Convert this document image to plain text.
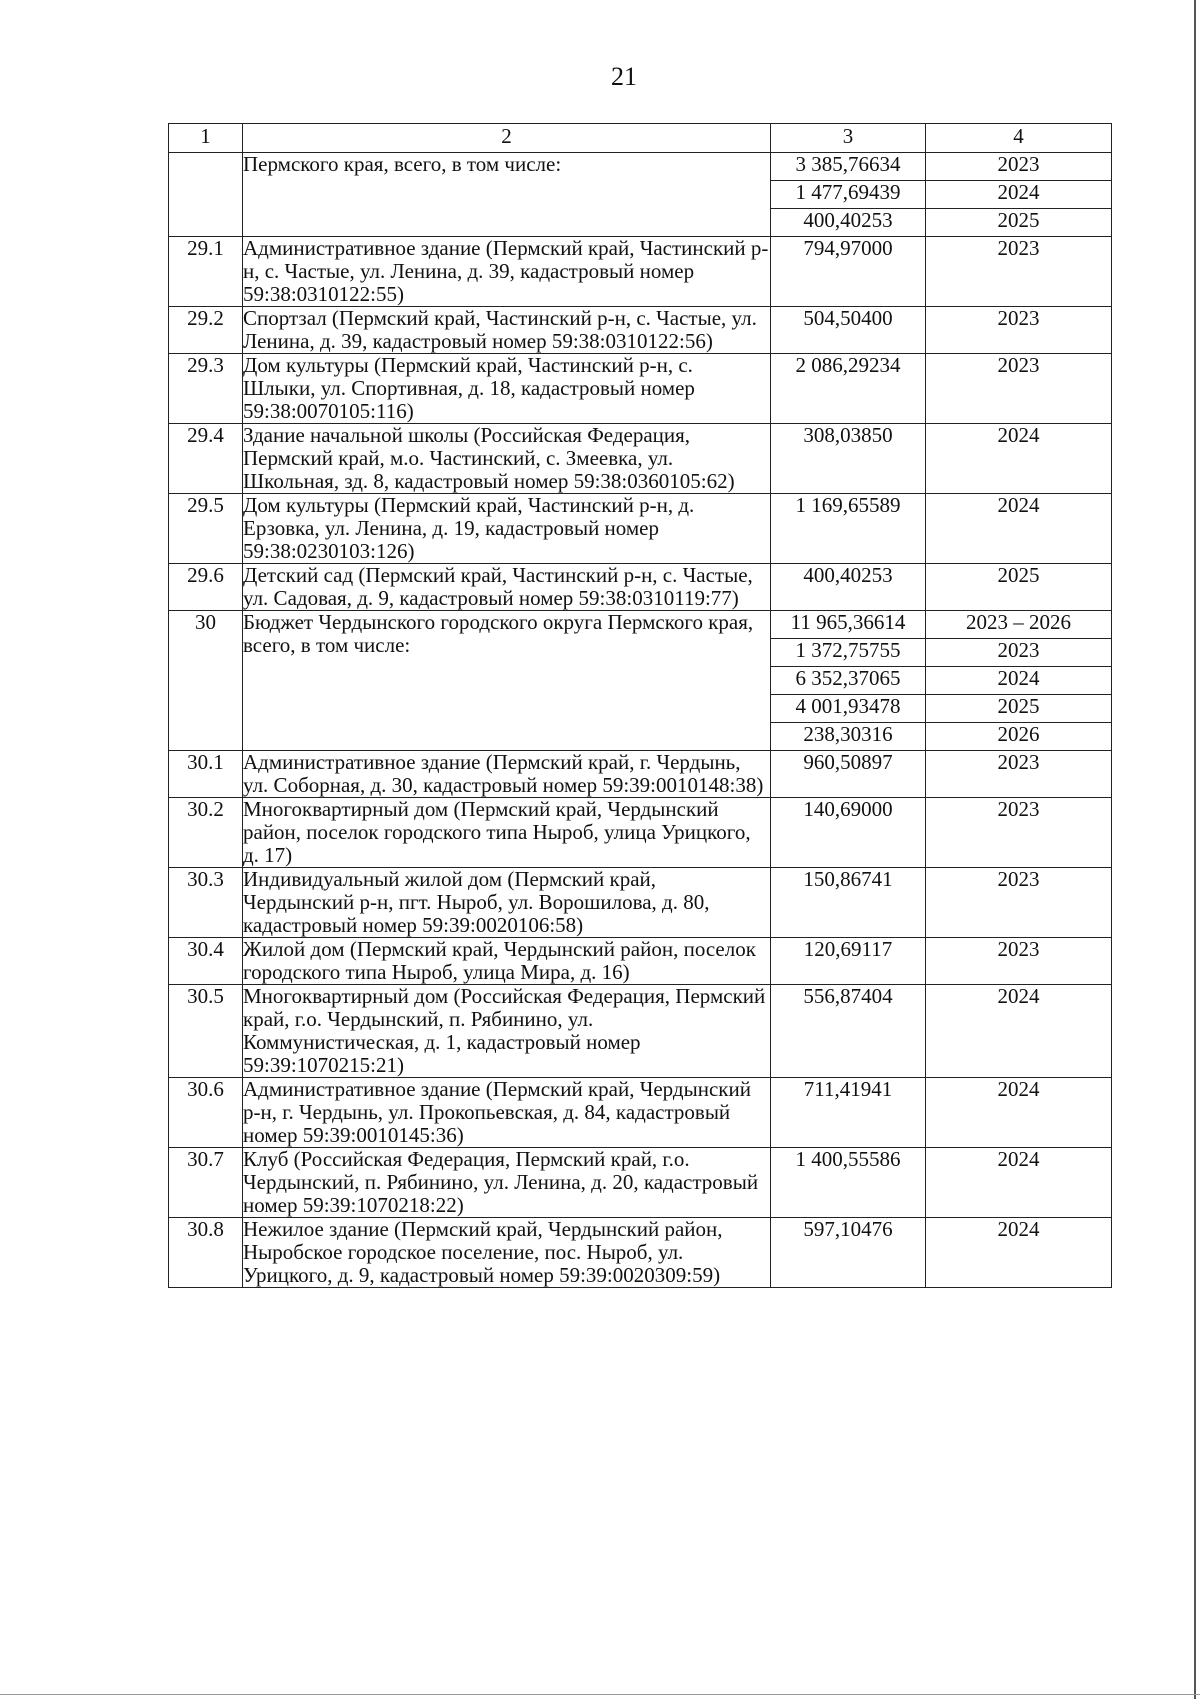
21
1	2	3	4
	Пермского края, всего, в том числе:	3 385,76634	2023
		1 477,69439	2024
		400,40253	2025
29.1	Административное здание (Пермский край, Частинский р-н, с. Частые, ул. Ленина, д. 39, кадастровый номер 59:38:0310122:55)	794,97000	2023
29.2	Спортзал (Пермский край, Частинский р-н, с. Частые, ул. Ленина, д. 39, кадастровый номер 59:38:0310122:56)	504,50400	2023
29.3	Дом культуры (Пермский край, Частинский р-н, с. Шлыки, ул. Спортивная, д. 18, кадастровый номер 59:38:0070105:116)	2 086,29234	2023
29.4	Здание начальной школы (Российская Федерация, Пермский край, м.о. Частинский, с. Змеевка, ул. Школьная, зд. 8, кадастровый номер 59:38:0360105:62)	308,03850	2024
29.5	Дом культуры (Пермский край, Частинский р-н, д. Ерзовка, ул. Ленина, д. 19, кадастровый номер 59:38:0230103:126)	1 169,65589	2024
29.6	Детский сад (Пермский край, Частинский р-н, с. Частые, ул. Садовая, д. 9, кадастровый номер 59:38:0310119:77)	400,40253	2025
30	Бюджет Чердынского городского округа Пермского края, всего, в том числе:	11 965,36614	2023 – 2026
		1 372,75755	2023
		6 352,37065	2024
		4 001,93478	2025
		238,30316	2026
30.1	Административное здание (Пермский край, г. Чердынь, ул. Соборная, д. 30, кадастровый номер 59:39:0010148:38)	960,50897	2023
30.2	Многоквартирный дом (Пермский край, Чердынский район, поселок городского типа Ныроб, улица Урицкого, д. 17)	140,69000	2023
30.3	Индивидуальный жилой дом (Пермский край, Чердынский р-н, пгт. Ныроб, ул. Ворошилова, д. 80, кадастровый номер 59:39:0020106:58)	150,86741	2023
30.4	Жилой дом (Пермский край, Чердынский район, поселок городского типа Ныроб, улица Мира, д. 16)	120,69117	2023
30.5	Многоквартирный дом (Российская Федерация, Пермский край, г.о. Чердынский, п. Рябинино, ул. Коммунистическая, д. 1, кадастровый номер 59:39:1070215:21)	556,87404	2024
30.6	Административное здание (Пермский край, Чердынский р-н, г. Чердынь, ул. Прокопьевская, д. 84, кадастровый номер 59:39:0010145:36)	711,41941	2024
30.7	Клуб (Российская Федерация, Пермский край, г.о. Чердынский, п. Рябинино, ул. Ленина, д. 20, кадастровый номер 59:39:1070218:22)	1 400,55586	2024
30.8	Нежилое здание (Пермский край, Чердынский район, Ныробское городское поселение, пос. Ныроб, ул. Урицкого, д. 9, кадастровый номер 59:39:0020309:59)	597,10476	2024
